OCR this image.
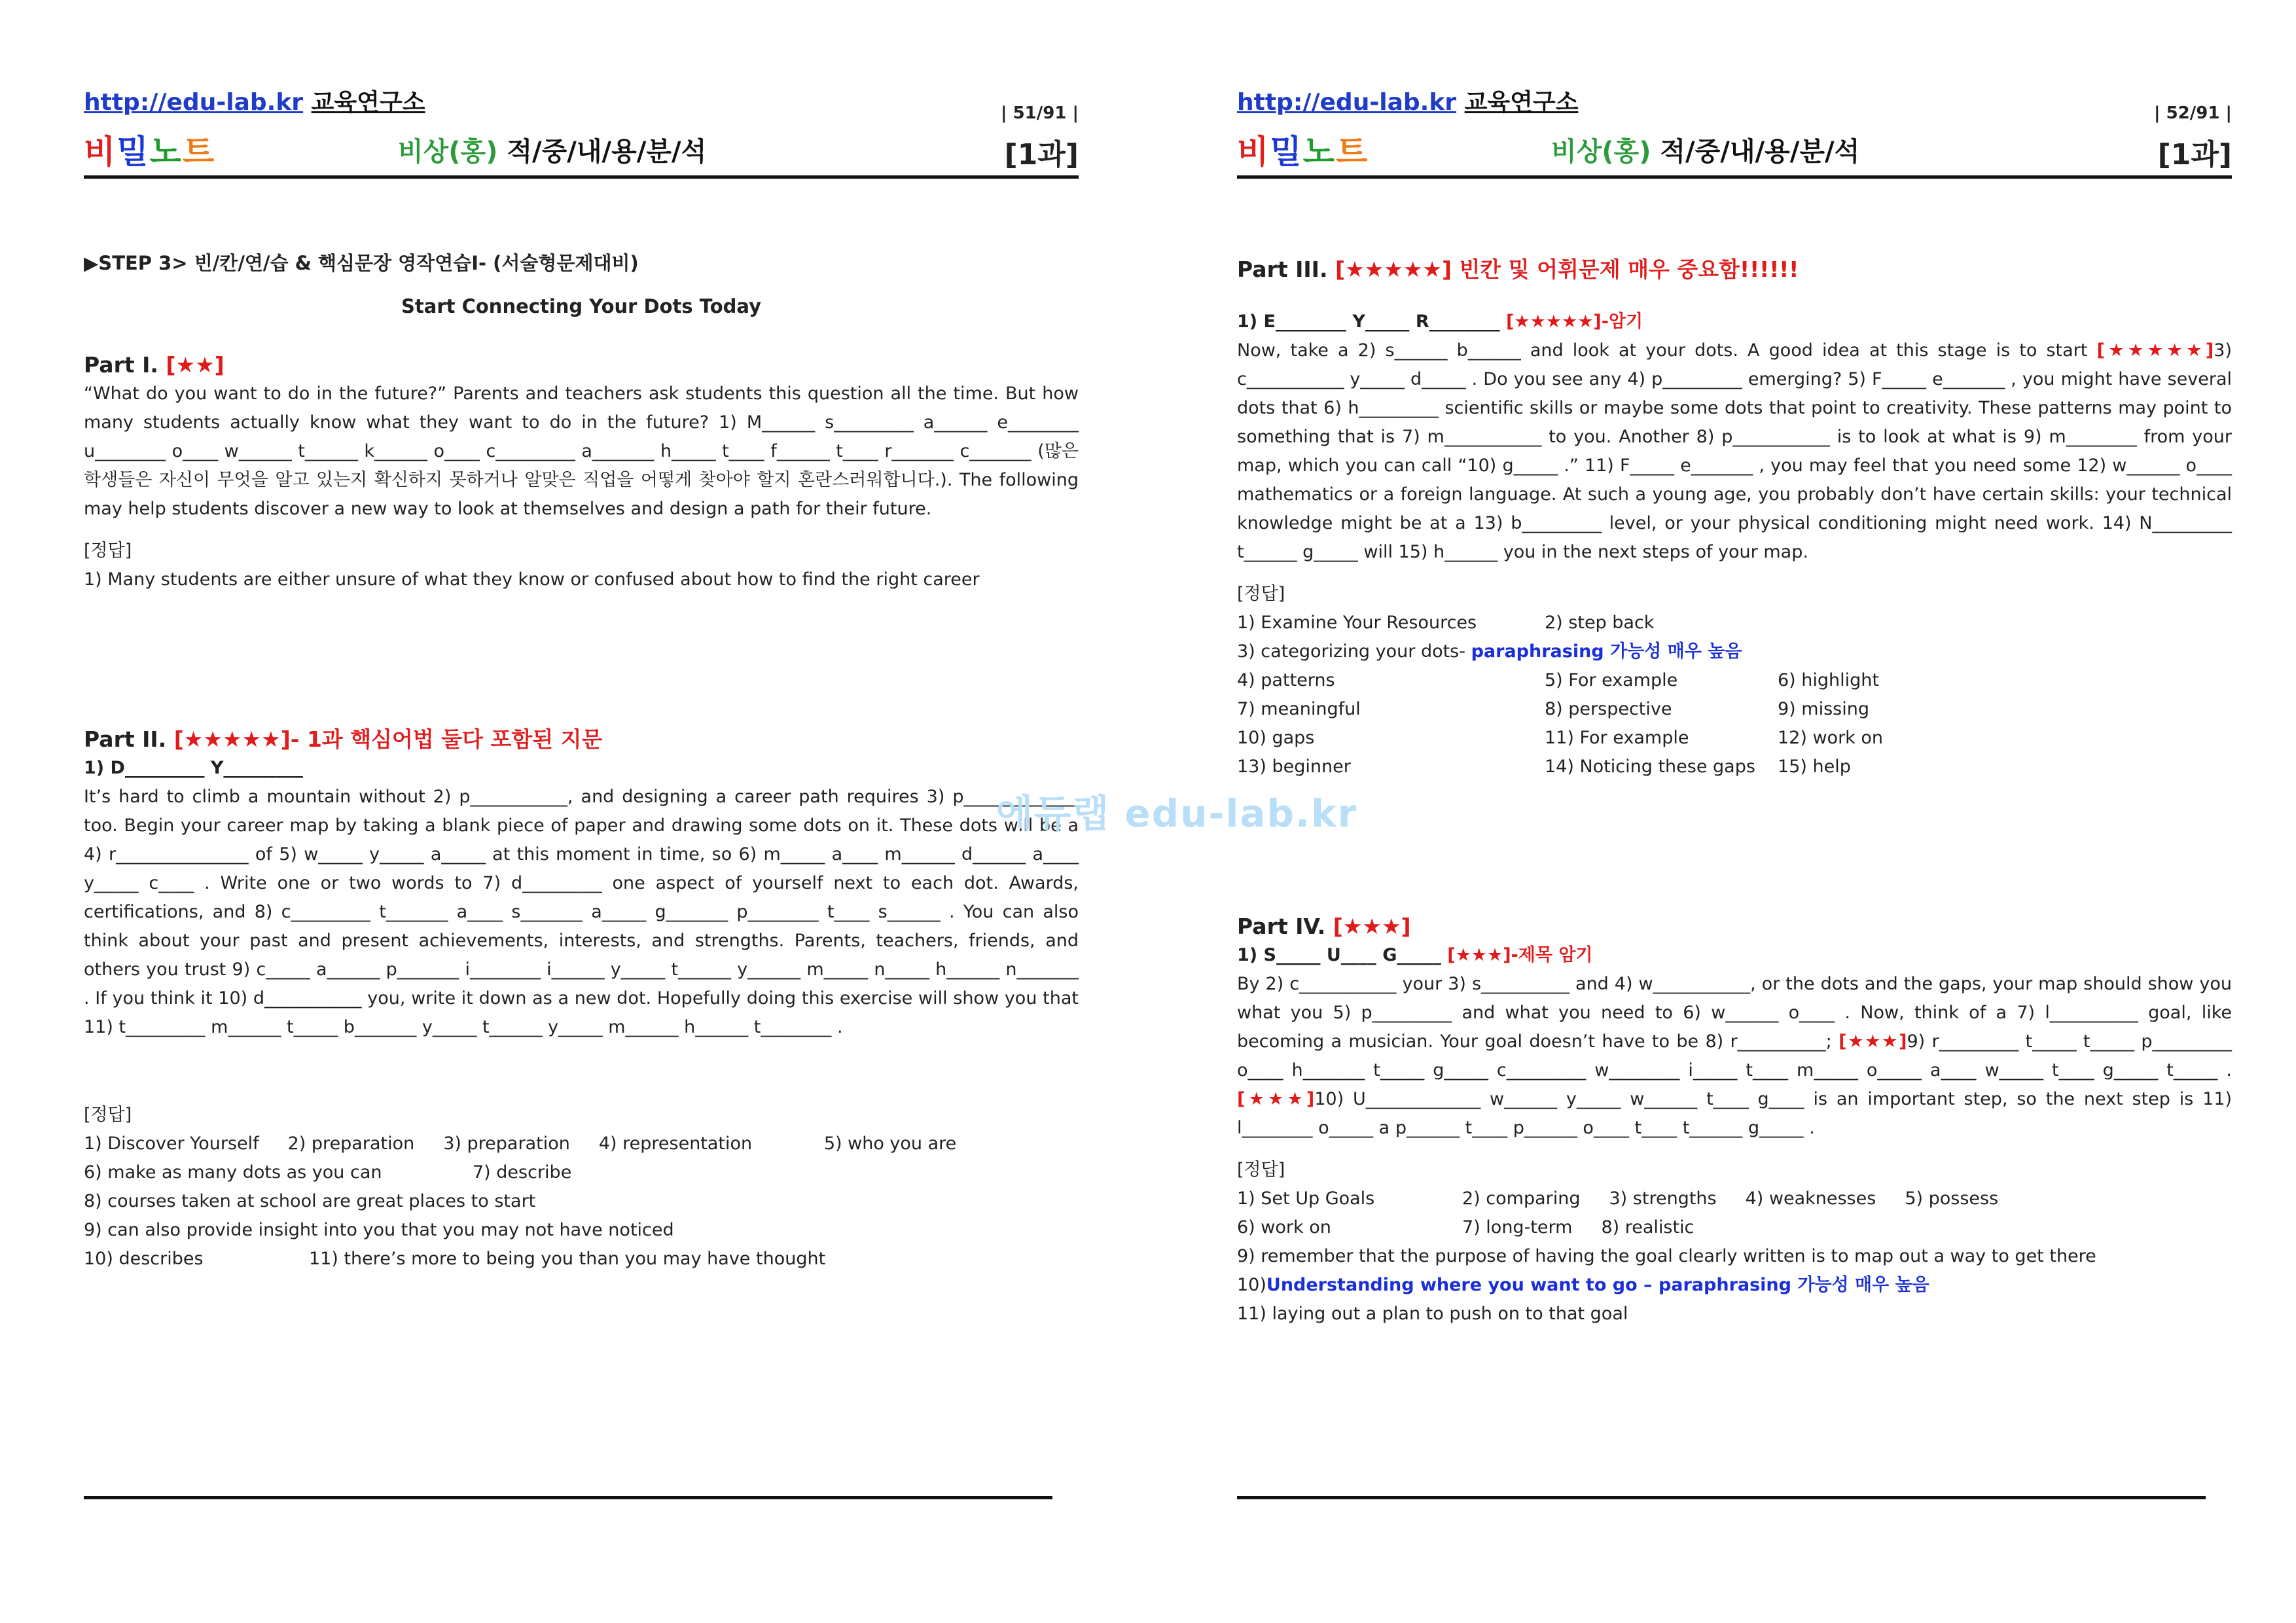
http://edu-lab.kr 교육연구소
비밀노트	비상(홍) 적/중/내/용/분/석
| 51/91 |
[1과]
▶STEP 3> 빈/칸/연/습 & 핵심문장 영작연습I- (서술형문제대비)
Start Connecting Your Dots Today
Part I. [★★]
“What do you want to do in the future?” Parents and teachers ask students this question all the time. But how many students actually know what they want to do in the future? 1) M______ s_________ a______ e________ u________ o____ w______ t______ k______ o____ c_________ a_______ h_____ t____ f______ t____ r_______ c_______ (많은 학생들은 자신이 무엇을 알고 있는지 확신하지 못하거나 알맞은 직업을 어떻게 찾아야 할지 혼란스러워합니다.). The following may help students discover a new way to look at themselves and design a path for their future.
[정답]
1) Many students are either unsure of what they know or confused about how to find the right career
Part II. [★★★★★]- 1과 핵심어법 둘다 포함된 지문
1) D_________ Y_________
It’s hard to climb a mountain without 2) p___________, and designing a career path requires 3) p_____________ too. Begin your career map by taking a blank piece of paper and drawing some dots on it. These dots will be a 4) r_______________ of 5) w_____ y_____ a_____ at this moment in time, so 6) m_____ a____ m______ d______ a____ y_____ c____ . Write one or two words to 7) d_________ one aspect of yourself next to each dot. Awards, certifications, and 8) c_________ t_______ a____ s_______ a_____ g_______ p________ t____ s______ . You can also think about your past and present achievements, interests, and strengths. Parents, teachers, friends, and others you trust 9) c_____ a______ p_______ i________ i______ y_____ t______ y______ m_____ n_____ h______ n_______ . If you think it 10) d___________ you, write it down as a new dot. Hopefully doing this exercise will show you that 11) t_________ m______ t_____ b_______ y_____ t______ y_____ m______ h______ t________ .
[정답]
1) Discover Yourself 2) preparation 3) preparation 4) representation	5) who you are
6) make as many dots as you can	7) describe
8) courses taken at school are great places to start
9) can also provide insight into you that you may not have noticed
10) describes	11) there’s more to being you than you may have thought
에듀랩 edu-lab.kr
http://edu-lab.kr 교육연구소
비밀노트	비상(홍) 적/중/내/용/분/석
| 52/91 |
[1과]
Part III. [★★★★★] 빈칸 및 어휘문제 매우 중요함!!!!!!
1) E________ Y_____ R________ [★★★★★]-암기
Now, take a 2) s______ b______ and look at your dots. A good idea at this stage is to start [★★★★★]3) c___________ y_____ d_____ . Do you see any 4) p_________ emerging? 5) F_____ e_______ , you might have several dots that 6) h_________ scientific skills or maybe some dots that point to creativity. These patterns may point to something that is 7) m___________ to you. Another 8) p___________ is to look at what is 9) m________ from your map, which you can call “10) g_____ .” 11) F_____ e_______ , you may feel that you need some 12) w______ o____ mathematics or a foreign language. At such a young age, you probably don’t have certain skills: your technical knowledge might be at a 13) b_________ level, or your physical conditioning might need work. 14) N_________ t______ g_____ will 15) h______ you in the next steps of your map.
[정답]
1) Examine Your Resources	2) step back
3) categorizing your dots- paraphrasing 가능성 매우 높음
4) patterns	5) For example	6) highlight
7) meaningful	8) perspective	9) missing
10) gaps	11) For example	12) work on
13) beginner	14) Noticing these gaps	15) help
Part IV. [★★★]
1) S_____ U____ G_____ [★★★]-제목 암기
By 2) c___________ your 3) s__________ and 4) w___________, or the dots and the gaps, your map should show you what you 5) p_________ and what you need to 6) w______ o____ . Now, think of a 7) l__________ goal, like becoming a musician. Your goal doesn’t have to be 8) r__________; [★★★]9) r_________ t_____ t_____ p_________ o____ h_______ t_____ g_____ c_________ w________ i_____ t____ m_____ o_____ a____ w_____ t____ g_____ t_____ . [★★★]10) U_____________ w______ y_____ w______ t____ g____ is an important step, so the next step is 11) l________ o_____ a p______ t____ p______ o____ t____ t______ g_____ .
[정답]
1) Set Up Goals	2) comparing 3) strengths 4) weaknesses 5) possess
6) work on	7) long-term 8) realistic
9) remember that the purpose of having the goal clearly written is to map out a way to get there
10)Understanding where you want to go – paraphrasing 가능성 매우 높음
11) laying out a plan to push on to that goal
